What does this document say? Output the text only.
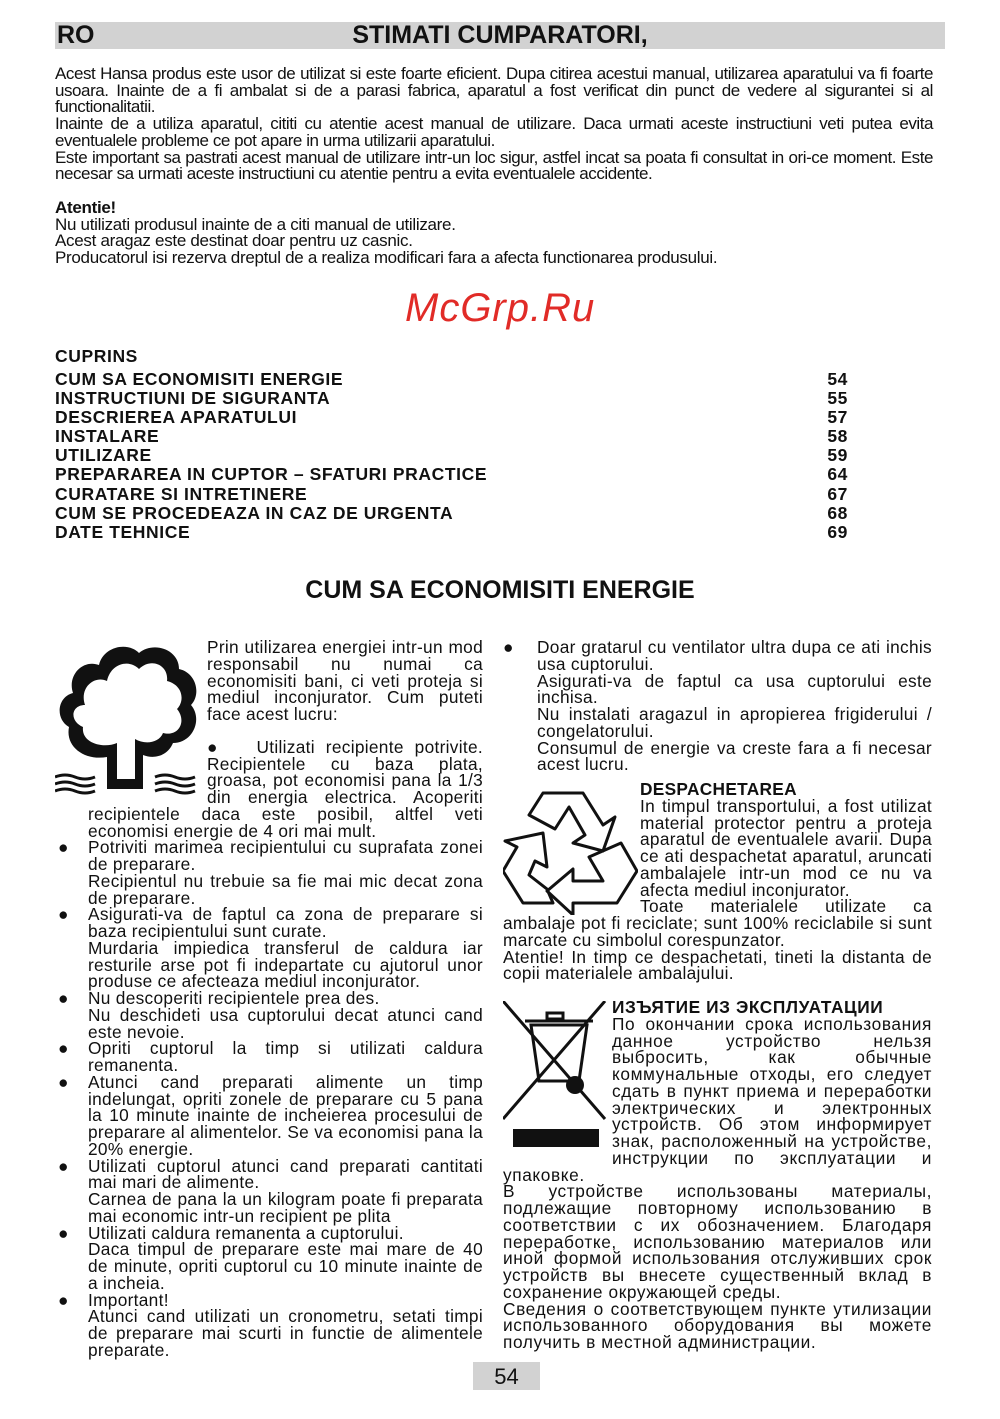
RO	STIMATI CUMPARATORI,

Acest Hansa produs este usor de utilizat si este foarte eficient. Dupa citirea acestui manual, utilizarea aparatului va fi foarte usoara. Inainte de a fi ambalat si de a parasi fabrica, aparatul a fost verificat din punct de vedere al sigurantei si al functionalitatii.

Inainte de a utiliza aparatul, cititi cu atentie acest manual de utilizare. Daca urmati aceste instructiuni veti putea evita eventualele probleme ce pot apare in urma utilizarii aparatului.

Este important sa pastrati acest manual de utilizare intr-un loc sigur, astfel incat sa poata fi consultat in ori-ce moment. Este necesar sa urmati aceste instructiuni cu atentie pentru a evita eventualele accidente.

Atentie!
Nu utilizati produsul inainte de a citi manual de utilizare.
Acest aragaz este destinat doar pentru uz casnic.
Producatorul isi rezerva dreptul de a realiza modificari fara a afecta functionarea produsului.
CUPRINS
CUM SA ECONOMISITI ENERGIE	54
INSTRUCTIUNI DE SIGURANTA	55
DESCRIEREA APARATULUI	57
INSTALARE	58
UTILIZARE	59
PREPARAREA IN CUPTOR – SFATURI PRACTICE	64
CURATARE SI INTRETINERE	67
CUM SE PROCEDEAZA IN CAZ DE URGENTA	68
DATE TEHNICE	69
CUM SA ECONOMISITI ENERGIE

Prin utilizarea energiei intr-un mod responsabil nu numai ca economisiti bani, ci veti proteja si mediul inconjurator. Cum puteti face acest lucru:

● Utilizati recipiente potrivite. Recipientele cu baza plata, groasa, pot economisi pana la 1/3 din energia electrica. Acoperiti recipientele daca este posibil, altfel veti economisi energie de 4 ori mai mult.

● Potriviti marimea recipientului cu suprafata zonei de preparare.

Recipientul nu trebuie sa fie mai mic decat zona de preparare.

● Asigurati-va de faptul ca zona de preparare si baza recipientului sunt curate.

Murdaria impiedica transferul de caldura iar resturile arse pot fi indepartate cu ajutorul unor produse ce afecteaza mediul inconjurator.

● Nu descoperiti recipientele prea des.

Nu deschideti usa cuptorului decat atunci cand este nevoie.

● Opriti cuptorul la timp si utilizati caldura remanenta.

● Atunci cand preparati alimente un timp indelungat, opriti zonele de preparare cu 5 pana la 10 minute inainte de incheierea procesului de preparare al alimentelor. Se va economisi pana la 20% energie.

● Utilizati cuptorul atunci cand preparati cantitati mai mari de alimente.

Carnea de pana la un kilogram poate fi preparata mai economic intr-un recipient pe plita

● Utilizati caldura remanenta a cuptorului.

Daca timpul de preparare este mai mare de 40 de minute, opriti cuptorul cu 10 minute inainte de a incheia.

● Important!

Atunci cand utilizati un cronometru, setati timpi de preparare mai scurti in functie de alimentele preparate.

● Doar gratarul cu ventilator ultra dupa ce ati inchis usa cuptorului.

Asigurati-va de faptul ca usa cuptorului este inchisa.

Nu instalati aragazul in apropierea frigiderului / congelatorului.

Consumul de energie va creste fara a fi necesar acest lucru.

DESPACHETAREA

In timpul transportului, a fost utilizat material protector pentru a proteja aparatul de eventualele avarii. Dupa ce ati despachetat aparatul, aruncati ambalajele intr-un mod ce nu va afecta mediul inconjurator.

Toate materialele utilizate ca ambalaje pot fi reciclate; sunt 100% reciclabile si sunt marcate cu simbolul corespunzator.

Atentie! In timp ce despachetati, tineti la distanta de copii materialele ambalajului.

ИЗЪЯТИЕ ИЗ ЭКСПЛУАТАЦИИ

По окончании срока использования данное устройство нельзя выбросить, как обычные коммунальные отходы, его следует сдать в пункт приема и переработки электрических и электронных устройств. Об этом информирует знак, расположенный на устройстве, инструкции по эксплуатации и упаковке.

В устройстве использованы материалы, подлежащие повторному использованию в соответствии с их обозначением. Благодаря переработке, использованию материалов или иной формой использования отслуживших срок устройств вы внесете существенный вклад в сохранение окружающей среды.

Сведения о соответствующем пункте утилизации использованного оборудования вы можете получить в местной администрации.

McGrp.Ru
54
